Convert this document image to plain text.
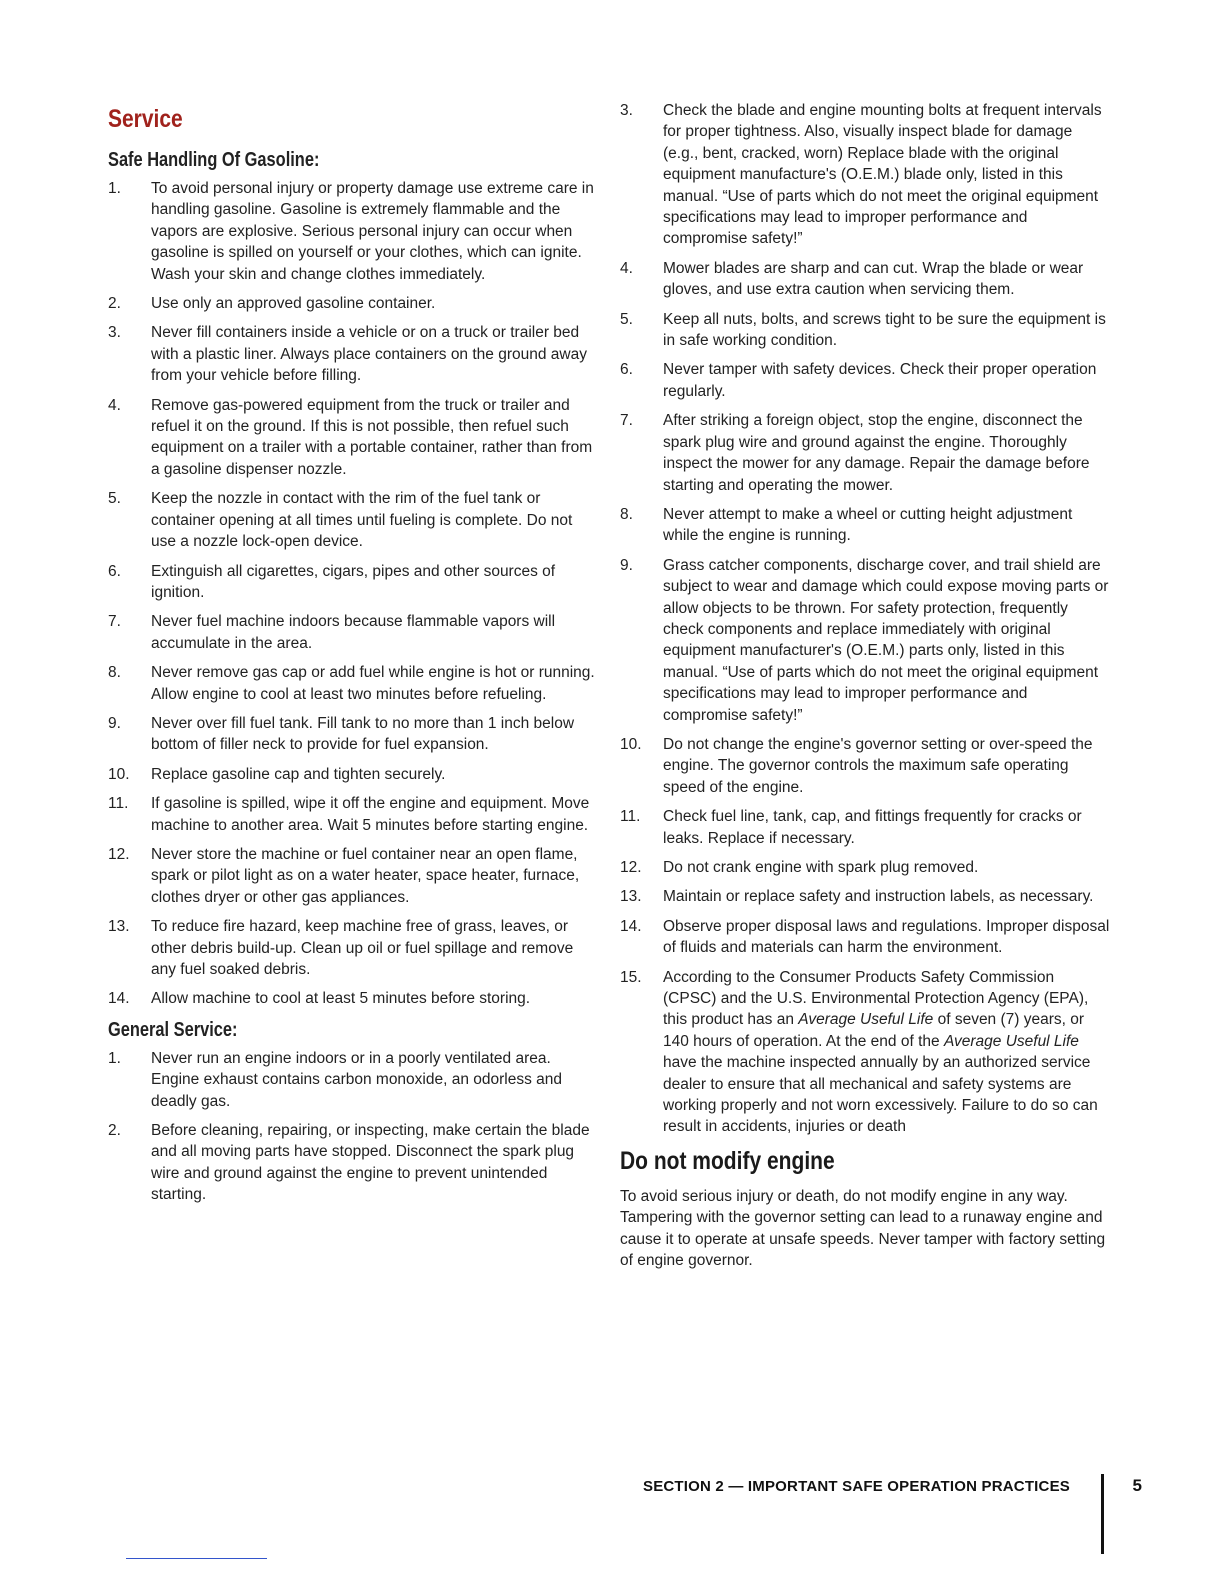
Service
Safe Handling Of Gasoline:
1.	To avoid personal injury or property damage use extreme care in handling gasoline. Gasoline is extremely flammable and the vapors are explosive. Serious personal injury can occur when gasoline is spilled on yourself or your clothes, which can ignite. Wash your skin and change clothes immediately.
2.	Use only an approved gasoline container.
3.	Never fill containers inside a vehicle or on a truck or trailer bed with a plastic liner. Always place containers on the ground away from your vehicle before filling.
4.	Remove gas-powered equipment from the truck or trailer and refuel it on the ground. If this is not possible, then refuel such equipment on a trailer with a portable container, rather than from a gasoline dispenser nozzle.
5.	Keep the nozzle in contact with the rim of the fuel tank or container opening at all times until fueling is complete. Do not use a nozzle lock-open device.
6.	Extinguish all cigarettes, cigars, pipes and other sources of ignition.
7.	Never fuel machine indoors because flammable vapors will accumulate in the area.
8.	Never remove gas cap or add fuel while engine is hot or running. Allow engine to cool at least two minutes before refueling.
9.	Never over fill fuel tank. Fill tank to no more than 1 inch below bottom of filler neck to provide for fuel expansion.
10.	Replace gasoline cap and tighten securely.
11.	If gasoline is spilled, wipe it off the engine and equipment. Move machine to another area. Wait 5 minutes before starting engine.
12.	Never store the machine or fuel container near an open flame, spark or pilot light as on a water heater, space heater, furnace, clothes dryer or other gas appliances.
13.	To reduce fire hazard, keep machine free of grass, leaves, or other debris build-up. Clean up oil or fuel spillage and remove any fuel soaked debris.
14.	Allow machine to cool at least 5 minutes before storing.
General Service:
1.	Never run an engine indoors or in a poorly ventilated area. Engine exhaust contains carbon monoxide, an odorless and deadly gas.
2.	Before cleaning, repairing, or inspecting, make certain the blade and all moving parts have stopped. Disconnect the spark plug wire and ground against the engine to prevent unintended starting.
3.	Check the blade and engine mounting bolts at frequent intervals for proper tightness. Also, visually inspect blade for damage (e.g., bent, cracked, worn) Replace blade with the original equipment manufacture's (O.E.M.) blade only, listed in this manual. “Use of parts which do not meet the original equipment specifications may lead to improper performance and compromise safety!”
4.	Mower blades are sharp and can cut. Wrap the blade or wear gloves, and use extra caution when servicing them.
5.	Keep all nuts, bolts, and screws tight to be sure the equipment is in safe working condition.
6.	Never tamper with safety devices. Check their proper operation regularly.
7.	After striking a foreign object, stop the engine, disconnect the spark plug wire and ground against the engine. Thoroughly inspect the mower for any damage. Repair the damage before starting and operating the mower.
8.	Never attempt to make a wheel or cutting height adjustment while the engine is running.
9.	Grass catcher components, discharge cover, and trail shield are subject to wear and damage which could expose moving parts or allow objects to be thrown. For safety protection, frequently check components and replace immediately with original equipment manufacturer's (O.E.M.) parts only, listed in this manual. “Use of parts which do not meet the original equipment specifications may lead to improper performance and compromise safety!”
10.	Do not change the engine's governor setting or over-speed the engine. The governor controls the maximum safe operating speed of the engine.
11.	Check fuel line, tank, cap, and fittings frequently for cracks or leaks. Replace if necessary.
12.	Do not crank engine with spark plug removed.
13.	Maintain or replace safety and instruction labels, as necessary.
14.	Observe proper disposal laws and regulations. Improper disposal of fluids and materials can harm the environment.
15.	According to the Consumer Products Safety Commission (CPSC) and the U.S. Environmental Protection Agency (EPA), this product has an Average Useful Life of seven (7) years, or 140 hours of operation. At the end of the Average Useful Life have the machine inspected annually by an authorized service dealer to ensure that all mechanical and safety systems are working properly and not worn excessively. Failure to do so can result in accidents, injuries or death
Do not modify engine

To avoid serious injury or death, do not modify engine in any way. Tampering with the governor setting can lead to a runaway engine and cause it to operate at unsafe speeds. Never tamper with factory setting of engine governor.

SECTION 2 — IMPORTANT SAFE OPERATION PRACTICES	5
